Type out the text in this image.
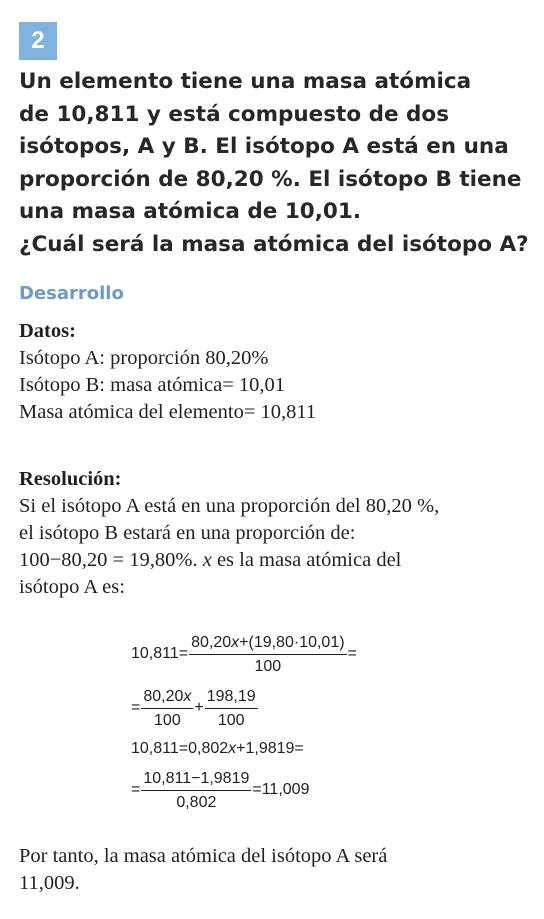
2
Un elemento tiene una masa atómica
de 10,811 y está compuesto de dos
isótopos, A y B. El isótopo A está en una
proporción de 80,20 %. El isótopo B tiene
una masa atómica de 10,01.
¿Cuál será la masa atómica del isótopo A?
Desarrollo
Datos:
Isótopo A: proporción 80,20%
Isótopo B: masa atómica= 10,01
Masa atómica del elemento= 10,811
Resolución:
Si el isótopo A está en una proporción del 80,20 %,
el isótopo B estará en una proporción de:
100−80,20 = 19,80%. x es la masa atómica del
isótopo A es:
$10,811= \frac{80,20x+(19,80\cdot 10,01)}{100}$ =
= $\frac{80,20x}{100} + \frac{198,19}{100}$
10,811=0,802 x +1,9819=
= $\frac{10,811-1,9819}{0,802} =11,009$
Por tanto, la masa atómica del isótopo A será
11,009.
